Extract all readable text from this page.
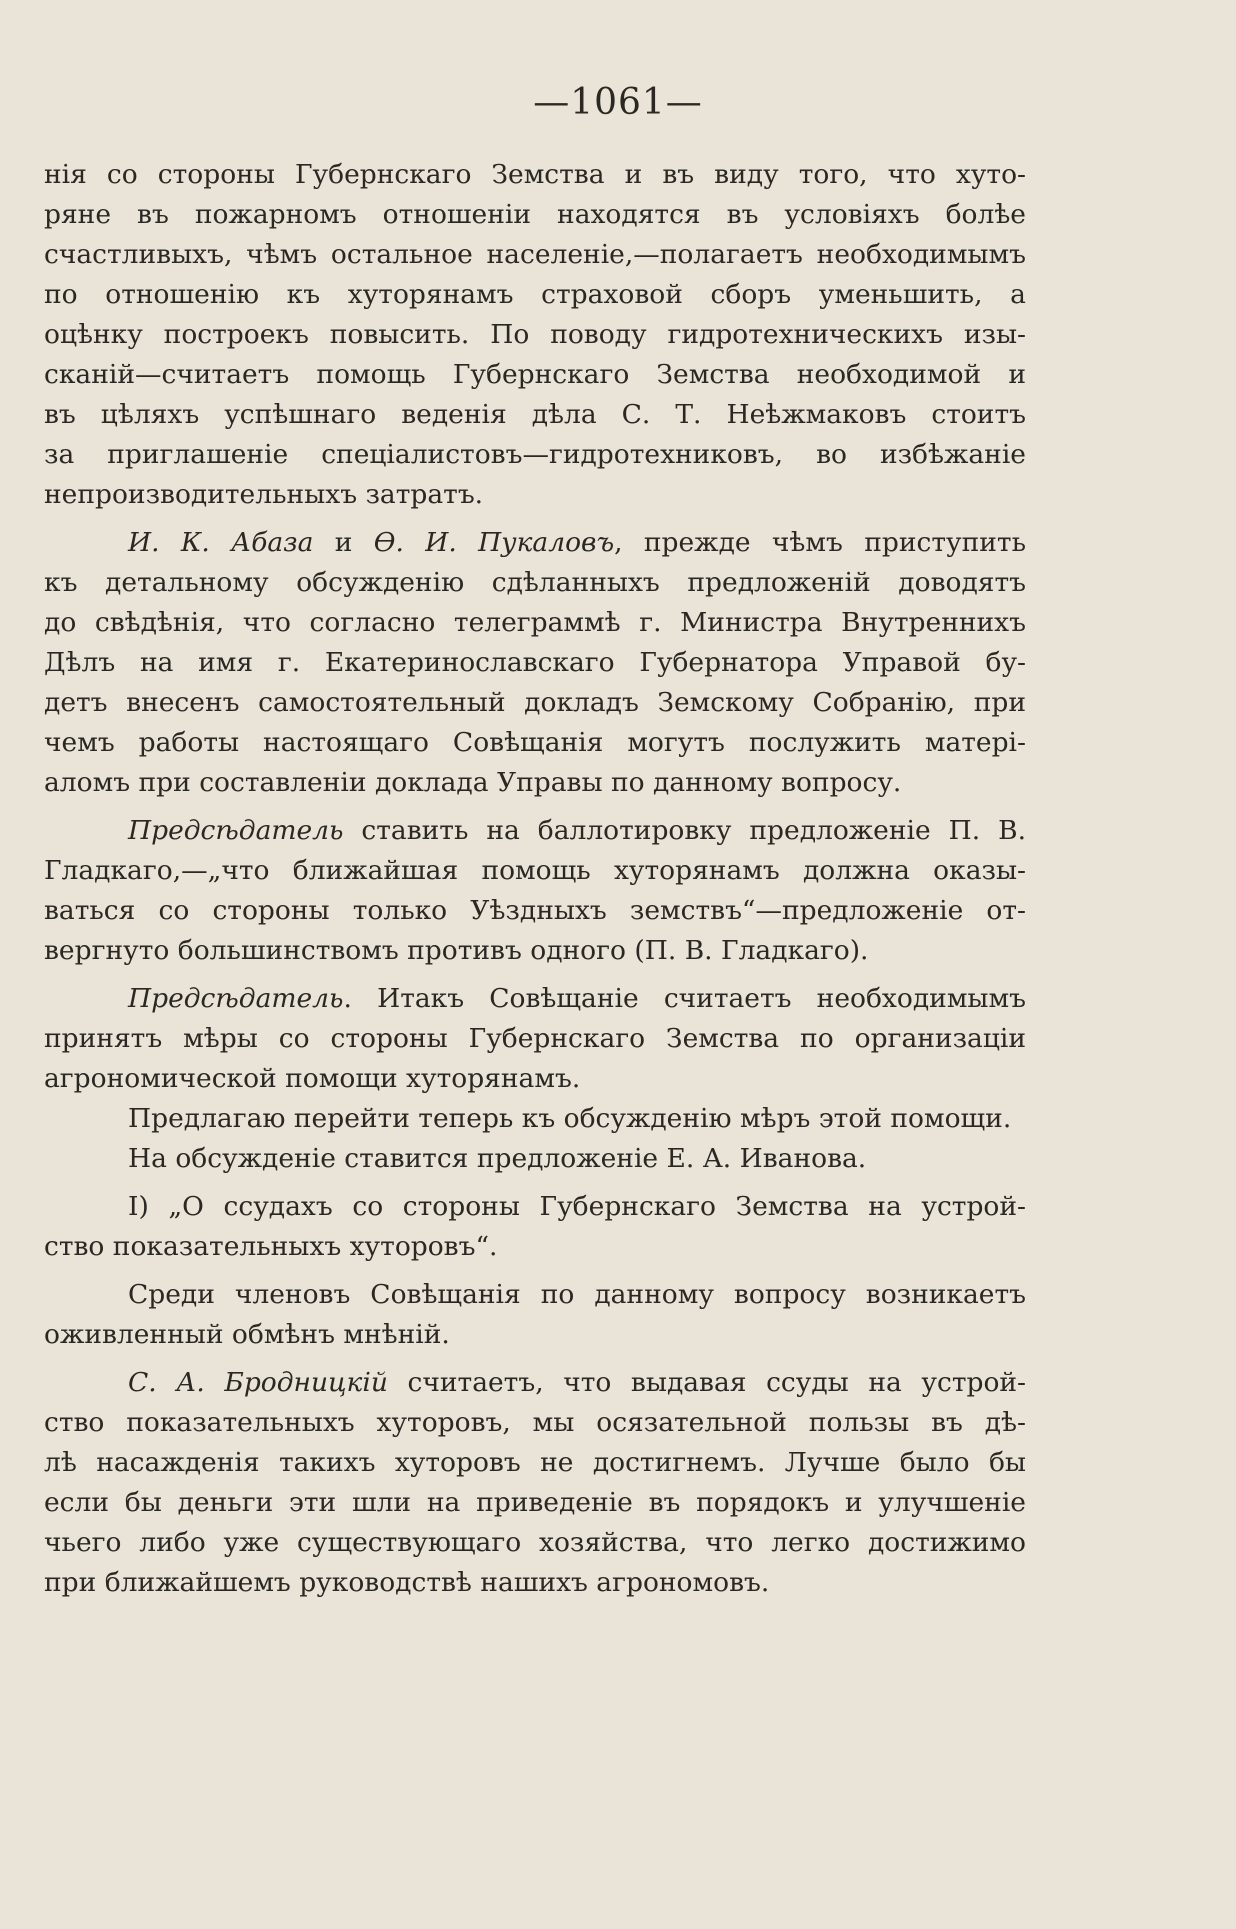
—1061—
нія со стороны Губернскаго Земства и въ виду того, что хуто-
ряне въ пожарномъ отношеніи находятся въ условіяхъ болѣе
счастливыхъ, чѣмъ остальное населеніе,—полагаетъ необходимымъ
по отношенію къ хуторянамъ страховой сборъ уменьшить, а
оцѣнку построекъ повысить. По поводу гидротехническихъ изы-
сканій—считаетъ помощь Губернскаго Земства необходимой и
въ цѣляхъ успѣшнаго веденія дѣла С. Т. Неѣжмаковъ стоитъ
за приглашеніе спеціалистовъ—гидротехниковъ, во избѣжаніе
непроизводительныхъ затратъ.
И. К. Абаза и Ѳ. И. Пукаловъ, прежде чѣмъ приступить
къ детальному обсужденію сдѣланныхъ предложеній доводятъ
до свѣдѣнія, что согласно телеграммѣ г. Министра Внутреннихъ
Дѣлъ на имя г. Екатеринославскаго Губернатора Управой бу-
детъ внесенъ самостоятельный докладъ Земскому Собранію, при
чемъ работы настоящаго Совѣщанія могутъ послужить матері-
аломъ при составленіи доклада Управы по данному вопросу.
Предсѣдатель ставить на баллотировку предложеніе П. В.
Гладкаго,—„что ближайшая помощь хуторянамъ должна оказы-
ваться со стороны только Уѣздныхъ земствъ“—предложеніе от-
вергнуто большинствомъ противъ одного (П. В. Гладкаго).
Предсѣдатель. Итакъ Совѣщаніе считаетъ необходимымъ
принятъ мѣры со стороны Губернскаго Земства по организаціи
агрономической помощи хуторянамъ.
Предлагаю перейти теперь къ обсужденію мѣръ этой помощи.
На обсужденіе ставится предложеніе Е. А. Иванова.
I) „О ссудахъ со стороны Губернскаго Земства на устрой-
ство показательныхъ хуторовъ“.
Среди членовъ Совѣщанія по данному вопросу возникаетъ
оживленный обмѣнъ мнѣній.
С. А. Бродницкій считаетъ, что выдавая ссуды на устрой-
ство показательныхъ хуторовъ, мы осязательной пользы въ дѣ-
лѣ насажденія такихъ хуторовъ не достигнемъ. Лучше было бы
если бы деньги эти шли на приведеніе въ порядокъ и улучшеніе
чьего либо уже существующаго хозяйства, что легко достижимо
при ближайшемъ руководствѣ нашихъ агрономовъ.
